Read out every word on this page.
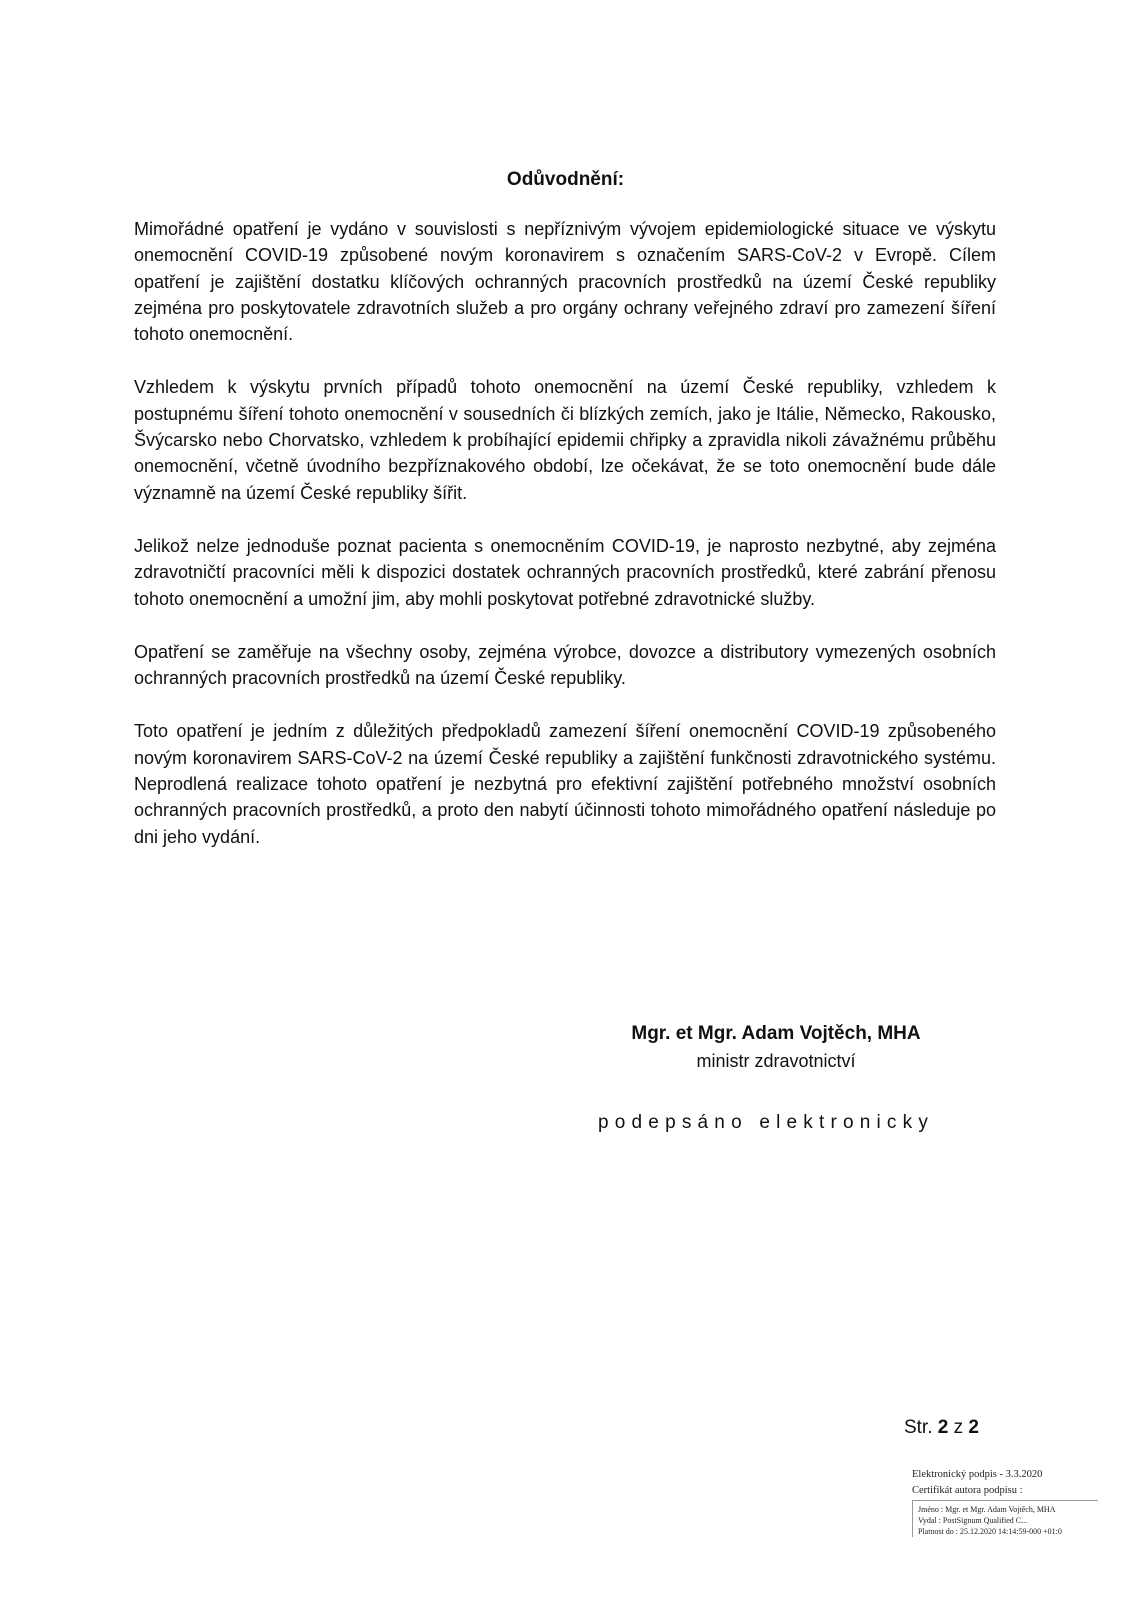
Odůvodnění:

Mimořádné opatření je vydáno v souvislosti s nepříznivým vývojem epidemiologické situace ve výskytu onemocnění COVID-19 způsobené novým koronavirem s označením SARS-CoV-2 v Evropě. Cílem opatření je zajištění dostatku klíčových ochranných pracovních prostředků na území České republiky zejména pro poskytovatele zdravotních služeb a pro orgány ochrany veřejného zdraví pro zamezení šíření tohoto onemocnění.

Vzhledem k výskytu prvních případů tohoto onemocnění na území České republiky, vzhledem k postupnému šíření tohoto onemocnění v sousedních či blízkých zemích, jako je Itálie, Německo, Rakousko, Švýcarsko nebo Chorvatsko, vzhledem k probíhající epidemii chřipky a zpravidla nikoli závažnému průběhu onemocnění, včetně úvodního bezpříznakového období, lze očekávat, že se toto onemocnění bude dále významně na území České republiky šířit.

Jelikož nelze jednoduše poznat pacienta s onemocněním COVID-19, je naprosto nezbytné, aby zejména zdravotničtí pracovníci měli k dispozici dostatek ochranných pracovních prostředků, které zabrání přenosu tohoto onemocnění a umožní jim, aby mohli poskytovat potřebné zdravotnické služby.

Opatření se zaměřuje na všechny osoby, zejména výrobce, dovozce a distributory vymezených osobních ochranných pracovních prostředků na území České republiky.

Toto opatření je jedním z důležitých předpokladů zamezení šíření onemocnění COVID-19 způsobeného novým koronavirem SARS-CoV-2 na území České republiky a zajištění funkčnosti zdravotnického systému. Neprodlená realizace tohoto opatření je nezbytná pro efektivní zajištění potřebného množství osobních ochranných pracovních prostředků, a proto den nabytí účinnosti tohoto mimořádného opatření následuje po dni jeho vydání.

Mgr. et Mgr. Adam Vojtěch, MHA
ministr zdravotnictví
podepsáno elektronicky
Str. 2 z 2
Elektronický podpis - 3.3.2020
Certifikát autora podpisu :
Jméno : Mgr. et Mgr. Adam Vojtěch, MHA
Vydal : PostSignum Qualified C...
Platnost do : 25.12.2020 14:14:59-000 +01:0
